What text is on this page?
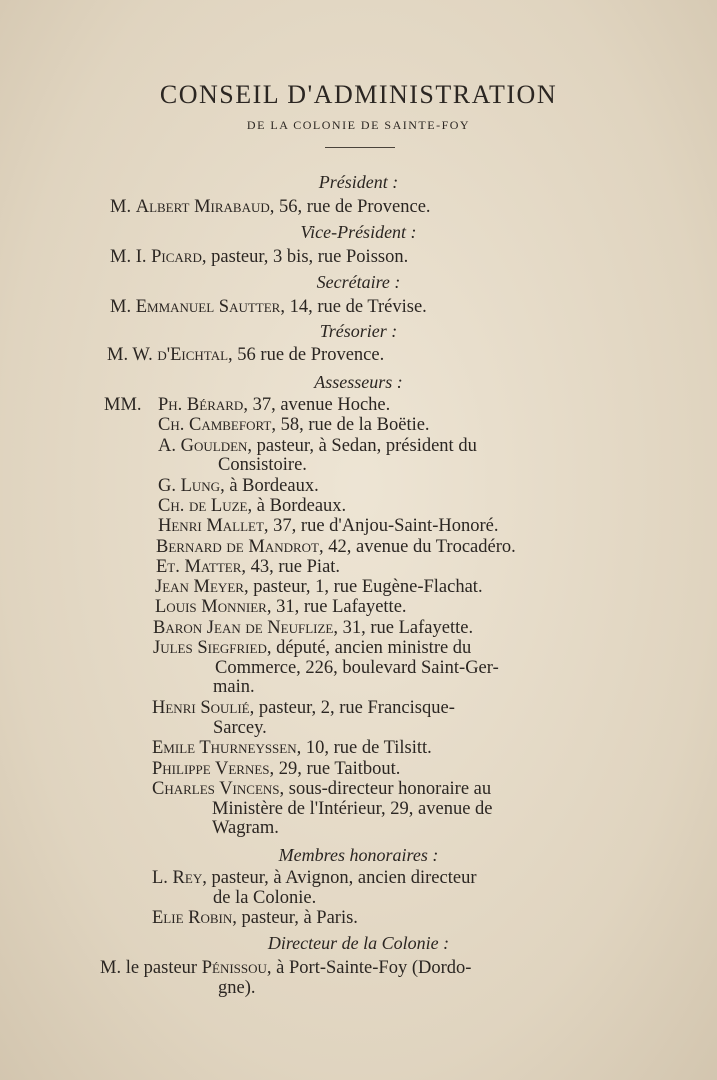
CONSEIL D'ADMINISTRATION
DE LA COLONIE DE SAINTE-FOY
Président :
M. Albert Mirabaud, 56, rue de Provence.
Vice-Président :
M. I. Picard, pasteur, 3 bis, rue Poisson.
Secrétaire :
M. Emmanuel Sautter, 14, rue de Trévise.
Trésorier :
M. W. d'Eichtal, 56 rue de Provence.
Assesseurs :
MM. Ph. Bérard, 37, avenue Hoche.
Ch. Cambefort, 58, rue de la Boëtie.
A. Goulden, pasteur, à Sedan, président du
Consistoire.
G. Lung, à Bordeaux.
Ch. de Luze, à Bordeaux.
Henri Mallet, 37, rue d'Anjou-Saint-Honoré.
Bernard de Mandrot, 42, avenue du Trocadéro.
Et. Matter, 43, rue Piat.
Jean Meyer, pasteur, 1, rue Eugène-Flachat.
Louis Monnier, 31, rue Lafayette.
Baron Jean de Neuflize, 31, rue Lafayette.
Jules Siegfried, député, ancien ministre du
Commerce, 226, boulevard Saint-Ger-
main.
Henri Soulié, pasteur, 2, rue Francisque-
Sarcey.
Emile Thurneyssen, 10, rue de Tilsitt.
Philippe Vernes, 29, rue Taitbout.
Charles Vincens, sous-directeur honoraire au
Ministère de l'Intérieur, 29, avenue de
Wagram.
Membres honoraires :
L. Rey, pasteur, à Avignon, ancien directeur
de la Colonie.
Elie Robin, pasteur, à Paris.
Directeur de la Colonie :
M. le pasteur Pénissou, à Port-Sainte-Foy (Dordo-
gne).
